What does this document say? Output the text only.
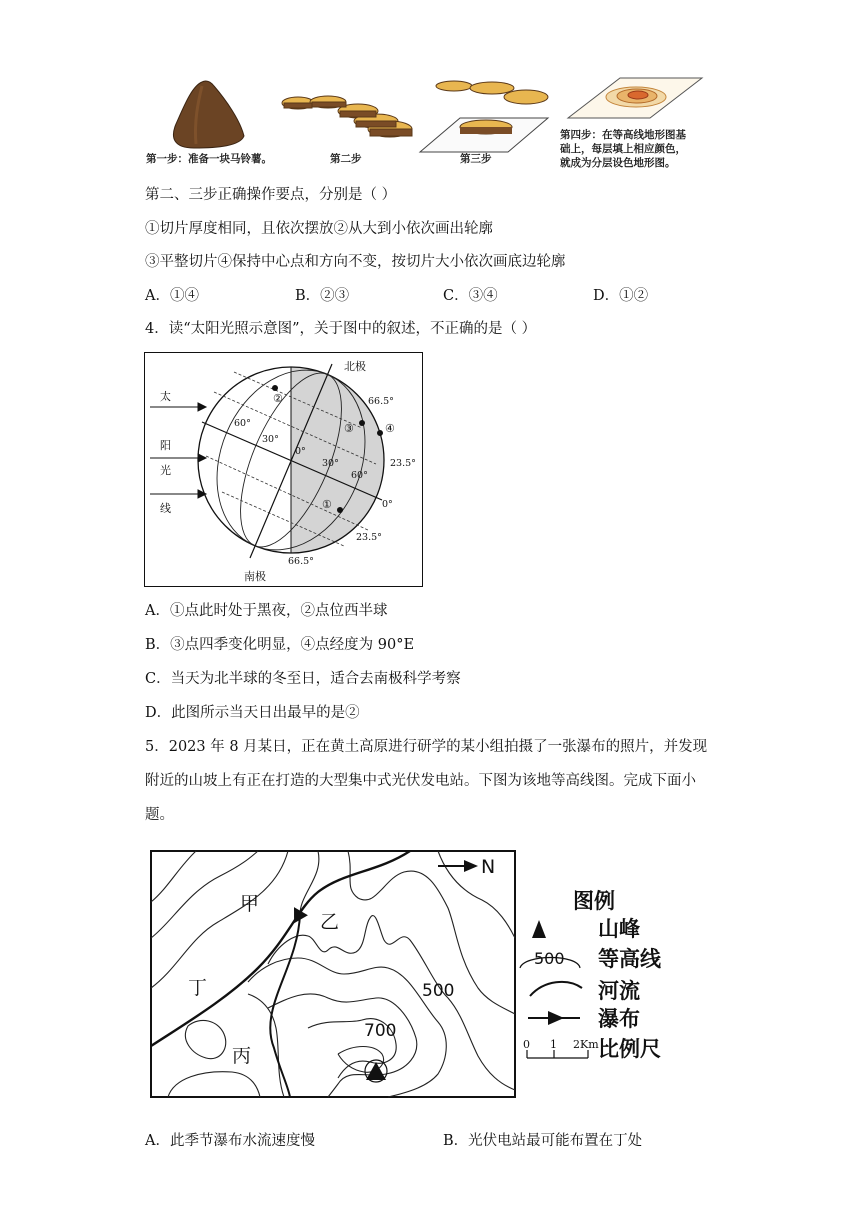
第一步：准备一块马铃薯。	第二步	第三步
第四步：在等高线地形图基
础上，每层填上相应颜色，
就成为分层设色地形图。
第二、三步正确操作要点，分别是（ ）
①切片厚度相同，且依次摆放②从大到小依次画出轮廓
③平整切片④保持中心点和方向不变，按切片大小依次画底边轮廓
A．①④	B．②③	C．③④	D．①②
4．读“太阳光照示意图”，关于图中的叙述，不正确的是（ ）
太
阳
光
线
北极
南极
66.5°
23.5°
0°
23.5°
66.5°
60°
30°
0°
30°
60°
①
②
③	④
A．①点此时处于黑夜，②点位西半球
B．③点四季变化明显，④点经度为 90°E
C．当天为北半球的冬至日，适合去南极科学考察
D．此图所示当天日出最早的是②
5．2023 年 8 月某日，正在黄土高原进行研学的某小组拍摄了一张瀑布的照片，并发现
附近的山坡上有正在打造的大型集中式光伏发电站。下图为该地等高线图。完成下面小
题。
N
甲
乙
丙
丁	500
700
图例
山峰
500 等高线
河流
瀑布
0 1 2Km 比例尺
A．此季节瀑布水流速度慢	B．光伏电站最可能布置在丁处
